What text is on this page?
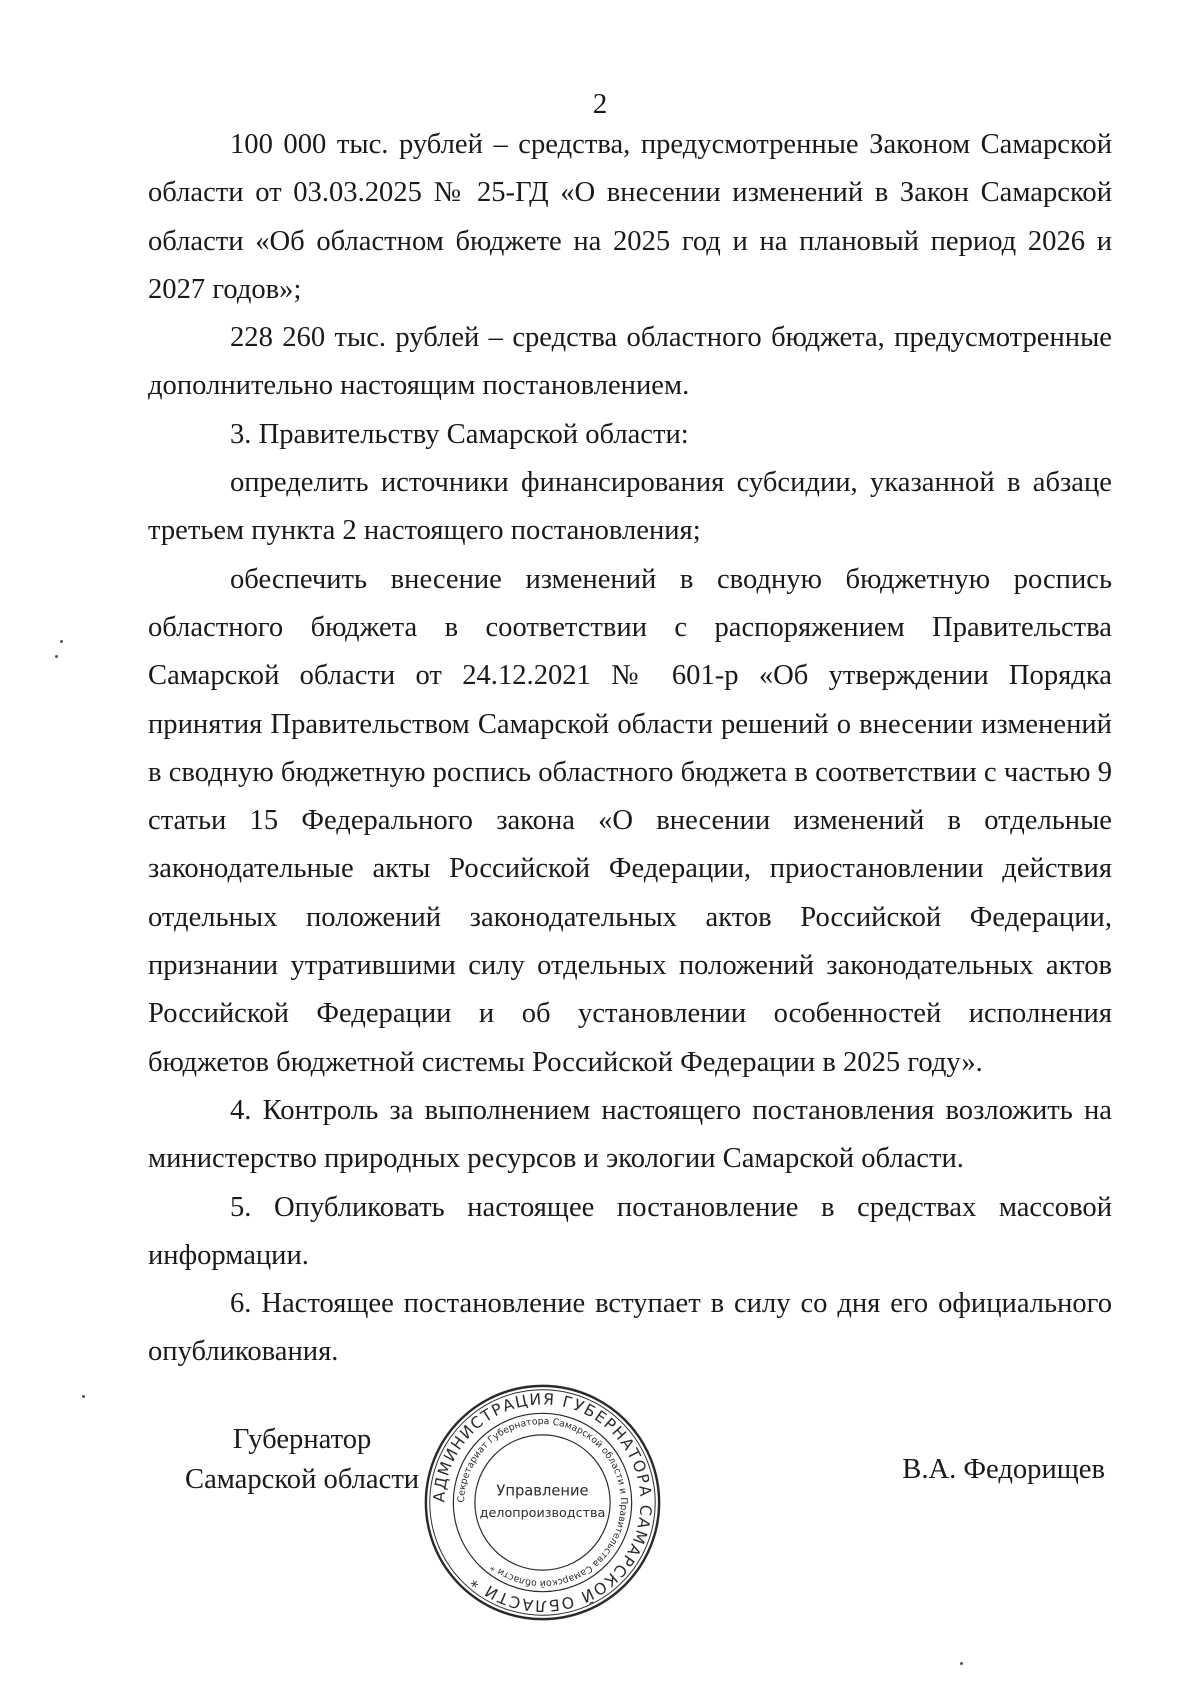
2

100 000 тыс. рублей – средства, предусмотренные Законом Самарской области от 03.03.2025 № 25-ГД «О внесении изменений в Закон Самарской области «Об областном бюджете на 2025 год и на плановый период 2026 и 2027 годов»;

228 260 тыс. рублей – средства областного бюджета, предусмотренные дополнительно настоящим постановлением.

3. Правительству Самарской области:

определить источники финансирования субсидии, указанной в абзаце третьем пункта 2 настоящего постановления;

обеспечить внесение изменений в сводную бюджетную роспись областного бюджета в соответствии с распоряжением Правительства Самарской области от 24.12.2021 № 601-р «Об утверждении Порядка принятия Правительством Самарской области решений о внесении изменений в сводную бюджетную роспись областного бюджета в соответствии с частью 9 статьи 15 Федерального закона «О внесении изменений в отдельные законодательные акты Российской Федерации, приостановлении действия отдельных положений законодательных актов Российской Федерации, признании утратившими силу отдельных положений законодательных актов Российской Федерации и об установлении особенностей исполнения бюджетов бюджетной системы Российской Федерации в 2025 году».

4. Контроль за выполнением настоящего постановления возложить на министерство природных ресурсов и экологии Самарской области.

5. Опубликовать настоящее постановление в средствах массовой информации.

6. Настоящее постановление вступает в силу со дня его официального опубликования.

Губернатор
Самарской области	В.А. Федорищев
АДМИНИСТРАЦИЯ ГУБЕРНАТОРА САМАРСКОЙ ОБЛАСТИ *
Секретариат Губернатора Самарской области и Правительства Самарской области *
Управление
делопроизводства
